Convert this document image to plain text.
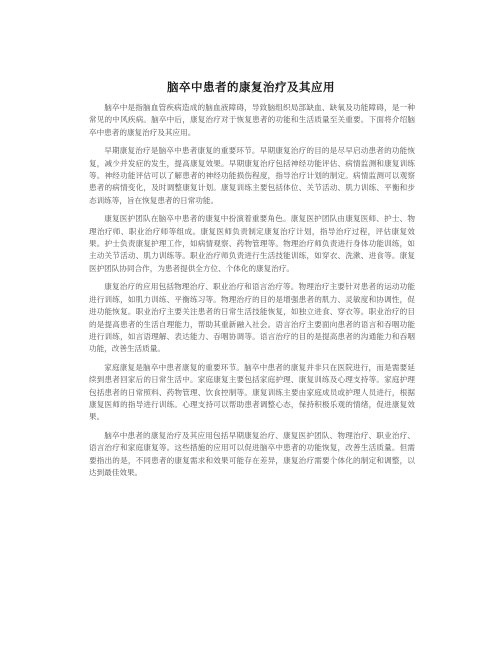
脑卒中患者的康复治疗及其应用

脑卒中是指脑血管疾病造成的脑血液障碍，导致脑组织局部缺血、缺氧及功能障碍，是一种常见的中风疾病。脑卒中后，康复治疗对于恢复患者的功能和生活质量至关重要。下面将介绍脑卒中患者的康复治疗及其应用。

早期康复治疗是脑卒中患者康复的重要环节。早期康复治疗的目的是尽早启动患者的功能恢复，减少并发症的发生，提高康复效果。早期康复治疗包括神经功能评估、病情监测和康复训练等。神经功能评估可以了解患者的神经功能损伤程度，指导治疗计划的制定。病情监测可以观察患者的病情变化，及时调整康复计划。康复训练主要包括体位、关节活动、肌力训练、平衡和步态训练等，旨在恢复患者的日常功能。

康复医护团队在脑卒中患者的康复中扮演着重要角色。康复医护团队由康复医师、护士、物理治疗师、职业治疗师等组成。康复医师负责制定康复治疗计划，指导治疗过程，评估康复效果。护士负责康复护理工作，如病情观察、药物管理等。物理治疗师负责进行身体功能训练，如主动关节活动、肌力训练等。职业治疗师负责进行生活技能训练，如穿衣、洗漱、进食等。康复医护团队协同合作，为患者提供全方位、个体化的康复治疗。

康复治疗的应用包括物理治疗、职业治疗和语言治疗等。物理治疗主要针对患者的运动功能进行训练，如肌力训练、平衡练习等。物理治疗的目的是增强患者的肌力、灵敏度和协调性，促进功能恢复。职业治疗主要关注患者的日常生活技能恢复，如独立进食、穿衣等。职业治疗的目的是提高患者的生活自理能力，帮助其重新融入社会。语言治疗主要面向患者的语言和吞咽功能进行训练，如言语理解、表达能力、吞咽协调等。语言治疗的目的是提高患者的沟通能力和吞咽功能，改善生活质量。

家庭康复是脑卒中患者康复的重要环节。脑卒中患者的康复并非只在医院进行，而是需要延续到患者回家后的日常生活中。家庭康复主要包括家庭护理、康复训练及心理支持等。家庭护理包括患者的日常照料、药物管理、饮食控制等。康复训练主要由家庭成员或护理人员进行，根据康复医师的指导进行训练。心理支持可以帮助患者调整心态，保持积极乐观的情绪，促进康复效果。

脑卒中患者的康复治疗及其应用包括早期康复治疗、康复医护团队、物理治疗、职业治疗、语言治疗和家庭康复等。这些措施的应用可以促进脑卒中患者的功能恢复，改善生活质量。但需要指出的是，不同患者的康复需求和效果可能存在差异，康复治疗需要个体化的制定和调整，以达到最佳效果。
